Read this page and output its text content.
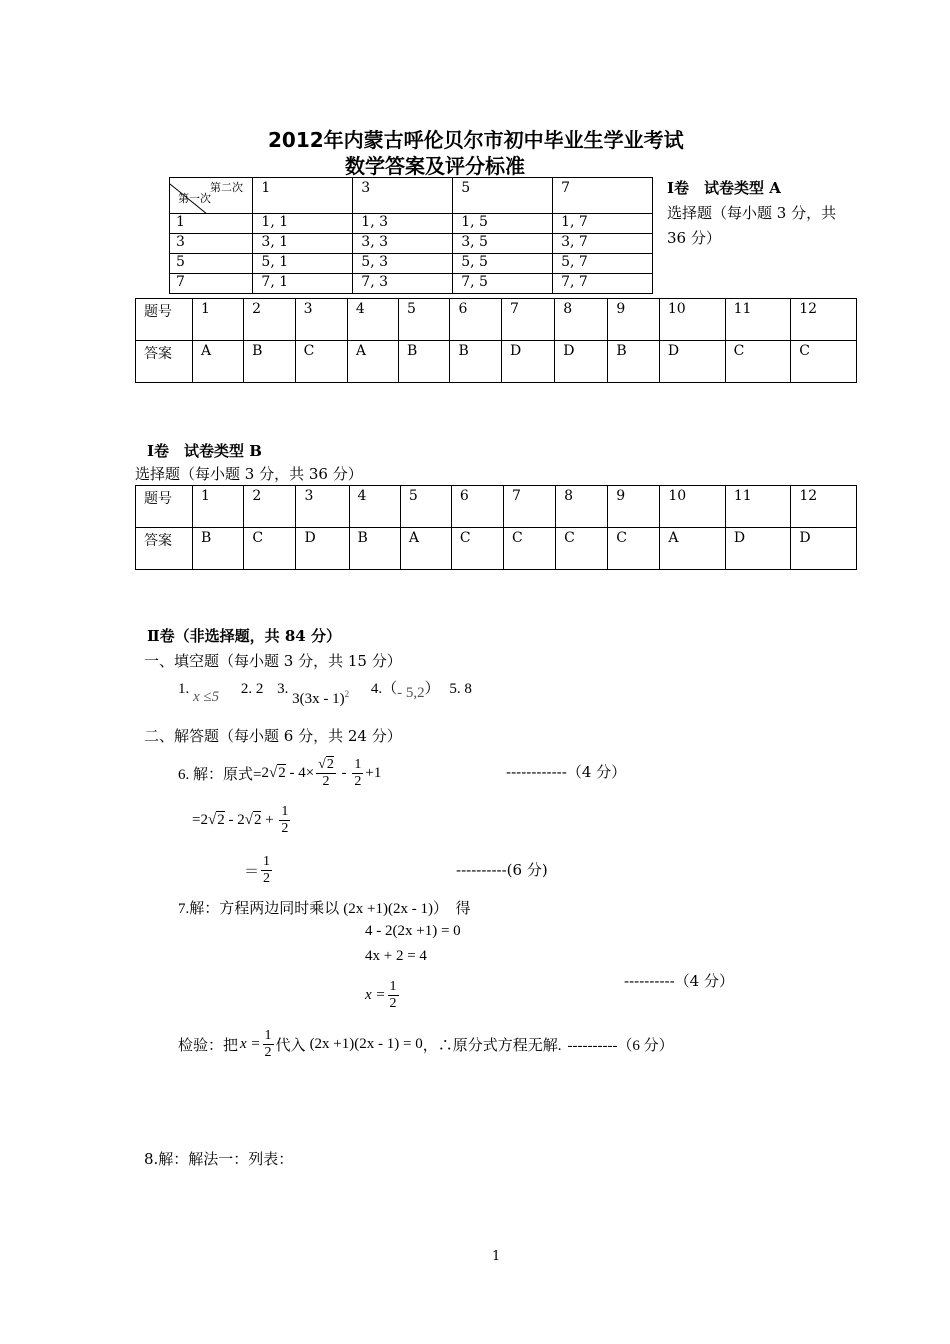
2012年内蒙古呼伦贝尔市初中毕业生学业考试
数学答案及评分标准
第二次
第一次	1	3	5	7
1	1, 1	1, 3	1, 5	1, 7
3	3, 1	3, 3	3, 5	3, 7
5	5, 1	5, 3	5, 5	5, 7
7	7, 1	7, 3	7, 5	7, 7
Ⅰ卷　试卷类型 A
选择题（每小题 3 分，共
36 分）
题号	1	2	3	4	5	6	7	8	9	10	11	12
答案	A	B	C	A	B	B	D	D	B	D	C	C
Ⅰ卷　试卷类型 B
选择题（每小题 3 分，共 36 分）
题号	1	2	3	4	5	6	7	8	9	10	11	12
答案	B	C	D	B	A	C	C	C	C	A	D	D
Ⅱ卷（非选择题，共 84 分）
一、填空题（每小题 3 分，共 15 分）
1. x ≤5 2. 2 3. 3(3x - 1)$^2$ 4.（- 5,2） 5. 8
二、解答题（每小题 6 分，共 24 分）
6. 解：原式= 2 √ $2 - 4\times \frac{√2}{2} - \frac{1}{2} +1$	------------（4 分）
=2 √ 2 - 2 √ $2 + \frac{1}{2}$
＝ $\frac{1}{2}$	----------(6 分)
7.解：方程两边同时乘以 (2x +1)(2x - 1)）  得
4 - 2(2x +1) = 0
4x + 2 = 4
$x = \frac{1}{2}$	----------（4 分）
检验：把 $x = \frac{1}{2}$ 代入 (2x +1)(2x - 1) = 0 ，∴原分式方程无解. ----------（6 分）
8.解：解法一：列表：
1
